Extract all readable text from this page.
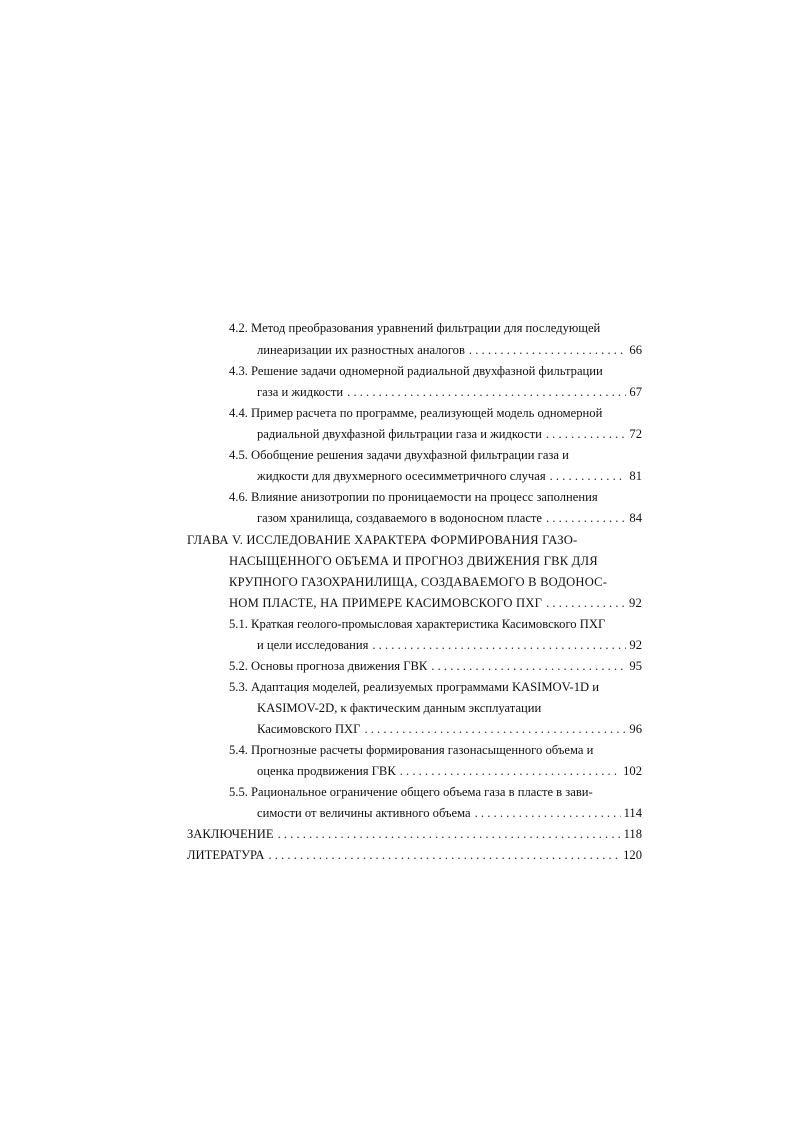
4.2. Метод преобразования уравнений фильтрации для последующей
линеаризации их разностных аналогов . . .	66
4.3. Решение задачи одномерной радиальной двухфазной фильтрации
газа и жидкости . . .	67
4.4. Пример расчета по программе, реализующей модель одномерной
радиальной двухфазной фильтрации газа и жидкости . . .	72
4.5. Обобщение решения задачи двухфазной фильтрации газа и
жидкости для двухмерного осесимметричного случая . . .	81
4.6. Влияние анизотропии по проницаемости на процесс заполнения
газом хранилища, создаваемого в водоносном пласте . . .	84
ГЛАВА V. ИССЛЕДОВАНИЕ ХАРАКТЕРА ФОРМИРОВАНИЯ ГАЗО-
НАСЫЩЕННОГО ОБЪЕМА И ПРОГНОЗ ДВИЖЕНИЯ ГВК ДЛЯ
КРУПНОГО ГАЗОХРАНИЛИЩА, СОЗДАВАЕМОГО В ВОДОНОС-
НОМ ПЛАСТЕ, НА ПРИМЕРЕ КАСИМОВСКОГО ПХГ . . .	92
5.1. Краткая геолого-промысловая характеристика Касимовского ПХГ
и цели исследования . . .	92
5.2. Основы прогноза движения ГВК . . .	95
5.3. Адаптация моделей, реализуемых программами KASIMOV-1D и
KASIMOV-2D, к фактическим данным эксплуатации
Касимовского ПХГ . . .	96
5.4. Прогнозные расчеты формирования газонасыщенного объема и
оценка продвижения ГВК . . .	102
5.5. Рациональное ограничение общего объема газа в пласте в зави-
симости от величины активного объема . . .	114
ЗАКЛЮЧЕНИЕ . . .	118
ЛИТЕРАТУРА . . .	120
